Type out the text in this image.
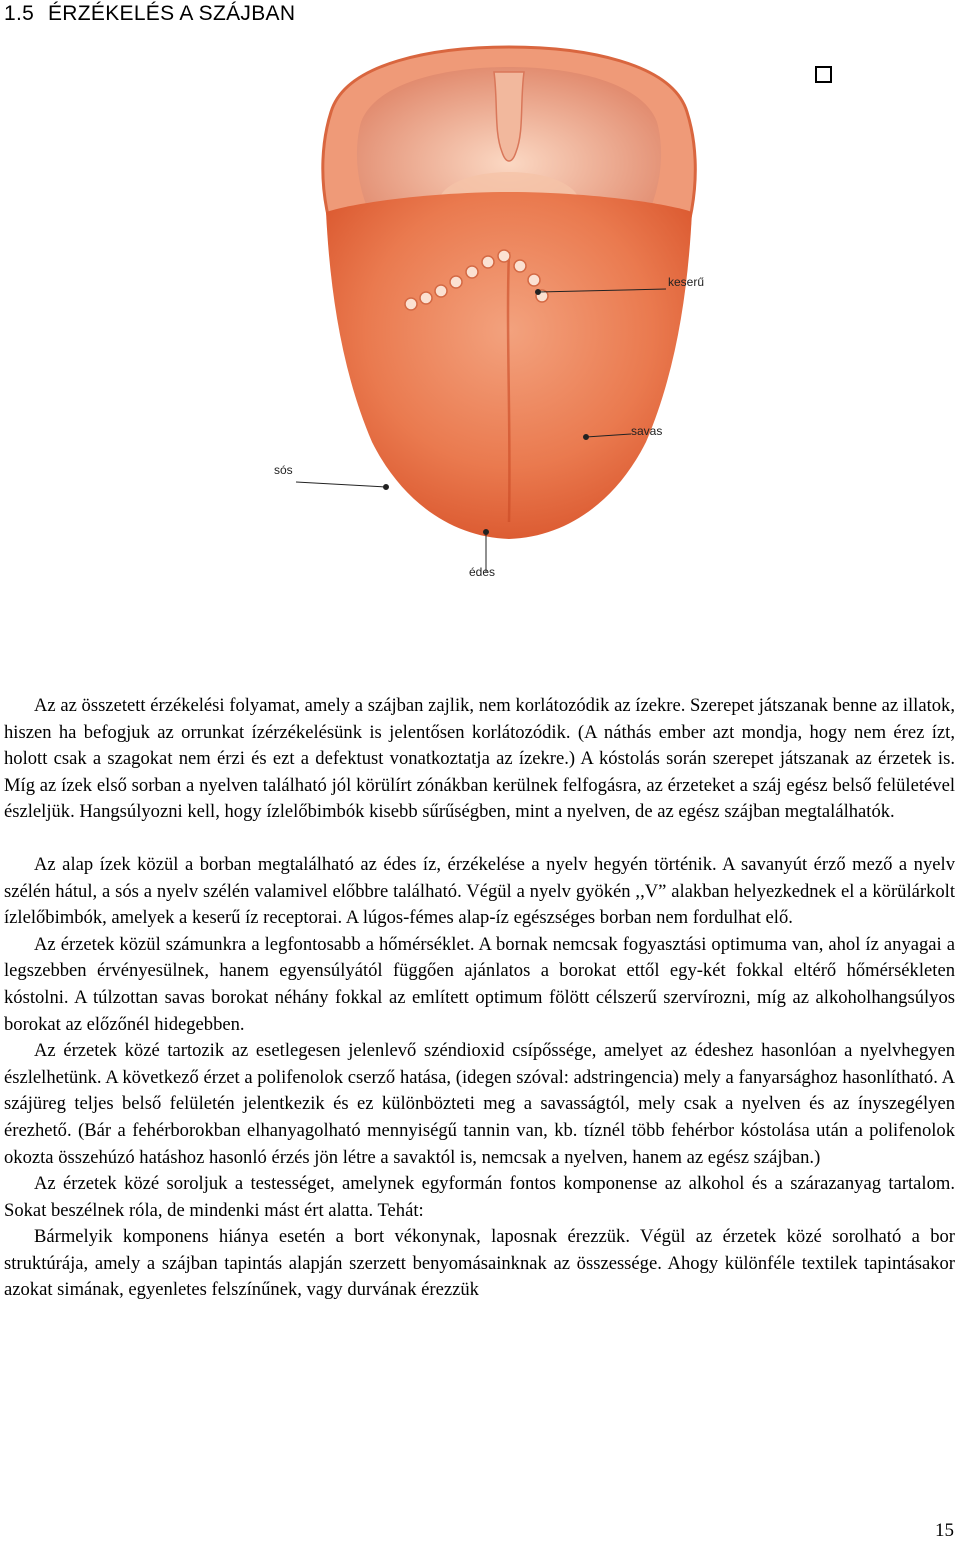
1.5 ÉRZÉKELÉS A SZÁJBAN
keserű
savas
sós
édes

Az az összetett érzékelési folyamat, amely a szájban zajlik, nem korlátozódik az ízekre. Szerepet játszanak benne az illatok, hiszen ha befogjuk az orrunkat ízérzékelésünk is jelentősen korlátozódik. (A náthás ember azt mondja, hogy nem érez ízt, holott csak a szagokat nem érzi és ezt a defektust vonatkoztatja az ízekre.) A kóstolás során szerepet játszanak az érzetek is. Míg az ízek első sorban a nyelven található jól körülírt zónákban kerülnek felfogásra, az érzeteket a száj egész belső felületével észleljük. Hangsúlyozni kell, hogy ízlelőbimbók kisebb sűrűségben, mint a nyelven, de az egész szájban megtalálhatók.

Az alap ízek közül a borban megtalálható az édes íz, érzékelése a nyelv hegyén történik. A savanyút érző mező a nyelv szélén hátul, a sós a nyelv szélén valamivel előbbre található. Végül a nyelv gyökén ,,V” alakban helyezkednek el a körülárkolt ízlelőbimbók, amelyek a keserű íz receptorai. A lúgos-fémes alap-íz egészséges borban nem fordulhat elő.

Az érzetek közül számunkra a legfontosabb a hőmérséklet. A bornak nemcsak fogyasztási optimuma van, ahol íz anyagai a legszebben érvényesülnek, hanem egyensúlyától függően ajánlatos a borokat ettől egy-két fokkal eltérő hőmérsékleten kóstolni. A túlzottan savas borokat néhány fokkal az említett optimum fölött célszerű szervírozni, míg az alkoholhangsúlyos borokat az előzőnél hidegebben.

Az érzetek közé tartozik az esetlegesen jelenlevő széndioxid csípőssége, amelyet az édeshez hasonlóan a nyelvhegyen észlelhetünk. A következő érzet a polifenolok cserző hatása, (idegen szóval: adstringencia) mely a fanyarsághoz hasonlítható. A szájüreg teljes belső felületén jelentkezik és ez különbözteti meg a savasságtól, mely csak a nyelven és az ínyszegélyen érezhető. (Bár a fehérborokban elhanyagolható mennyiségű tannin van, kb. tíznél több fehérbor kóstolása után a polifenolok okozta összehúzó hatáshoz hasonló érzés jön létre a savaktól is, nemcsak a nyelven, hanem az egész szájban.)

Az érzetek közé soroljuk a testességet, amelynek egyformán fontos komponense az alkohol és a szárazanyag tartalom. Sokat beszélnek róla, de mindenki mást ért alatta. Tehát:

Bármelyik komponens hiánya esetén a bort vékonynak, laposnak érezzük. Végül az érzetek közé sorolható a bor struktúrája, amely a szájban tapintás alapján szerzett benyomásainknak az összessége. Ahogy különféle textilek tapintásakor azokat simának, egyenletes felszínűnek, vagy durvának érezzük

15
